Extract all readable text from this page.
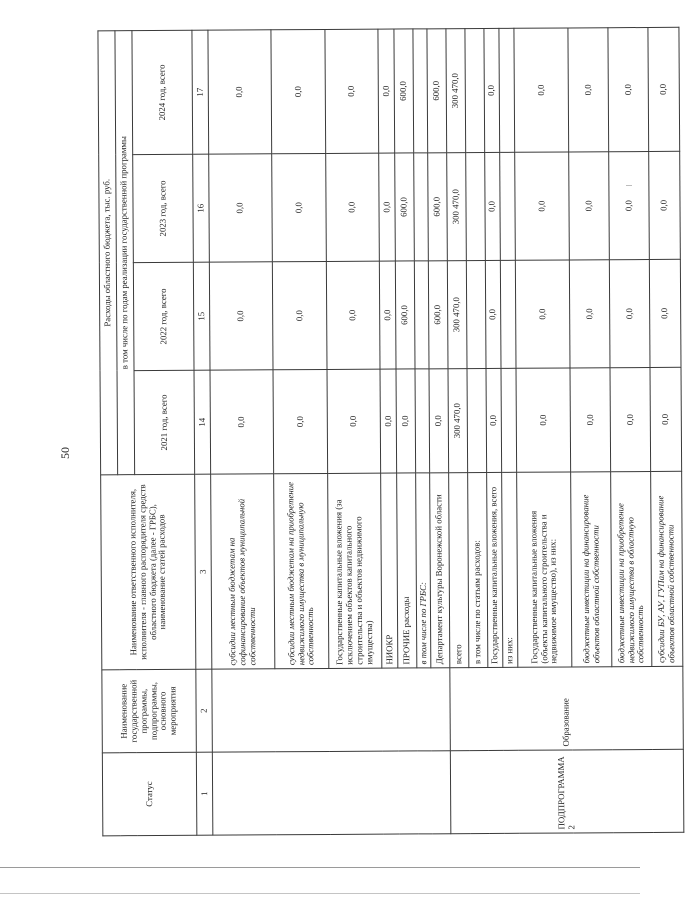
50
Статус	Наименование государственной программы, подпрограммы, основного мероприятия	Наименование ответственного исполнителя, исполнителя - главного распорядителя средств областного бюджета (далее - ГРБС), наименование статей расходов	Расходы областного бюджета, тыс. руб.			
			в том числе по годам реализации государственной программы			
			2021 год, всего	2022 год, всего	2023 год, всего	2024 год, всего
1	2	3	14	15	16	17
		субсидии местным бюджетам на софинансирование объектов муниципальной собственности	0,0	0,0	0,0	0,0
		субсидии местным бюджетам на приобретение недвижимого имущества в муниципальную собственность	0,0	0,0	0,0	0,0
		Государственные капитальные вложения (за исключением объектов капитального строительства и объектов недвижимого имущества)	0,0	0,0	0,0	0,0
		НИОКР	0,0	0,0	0,0	0,0
		ПРОЧИЕ расходы	0,0	600,0	600,0	600,0
		в том числе по ГРБС:				
		Департамент культуры Воронежской области	0,0	600,0	600,0	600,0
ПОДПРОГРАММА 2	Образование	всего	300 470,0	300 470,0	300 470,0	300 470,0
		в том числе по статьям расходов:				
		Государственные капитальные вложения, всего	0,0	0,0	0,0	0,0
		из них:				
		Государственные капитальные вложения (объекты капитального строительства и недвижимое имущество), из них:	0,0	0,0	0,0	0,0
		бюджетные инвестиции на финансирование объектов областной собственности	0,0	0,0	0,0	0,0
		бюджетные инвестиции на приобретение недвижимого имущества в областную собственность	0,0	0,0	0,0	0,0
		субсидии БУ, АУ, ГУПам на финансирование объектов областной собственности	0,0	0,0	0,0	0,0
